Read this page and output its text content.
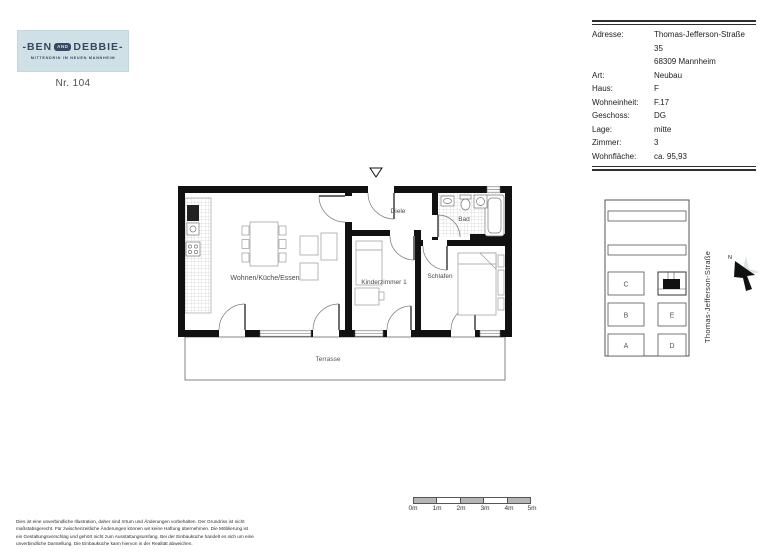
-BEN	AND DEBBIE-
MITTENDRIN IM NEUEN MANNHEIM
Nr. 104
Adresse:	Thomas-Jefferson-Straße 35
68309 Mannheim
Art:	Neubau
Haus:	F
Wohneinheit:	F.17
Geschoss:	DG
Lage:	mitte
Zimmer:	3
Wohnfläche:	ca. 95,93
Terrasse
Wohnen/Küche/Essen
Diele
Bad
Kinderzimmer 1
Schlafen
C
B	E
A	D
Thomas-Jefferson-Straße	N
0m 1m 2m 3m 4m 5m
Dies ist eine unverbindliche Illustration, daher sind Irrtum und Änderungen vorbehalten. Der Grundriss ist nicht
maßstabsgerecht. Für zwischenzeitliche Änderungen können wir keine Haftung übernehmen. Die Möblierung ist
ein Gestaltungsvorschlag und gehört nicht zum Ausstattungsumfang. Bei der Einbauküche handelt es sich um eine
unverbindliche Darstellung. Die Einbauküche kann hiervon in der Realität abweichen.
